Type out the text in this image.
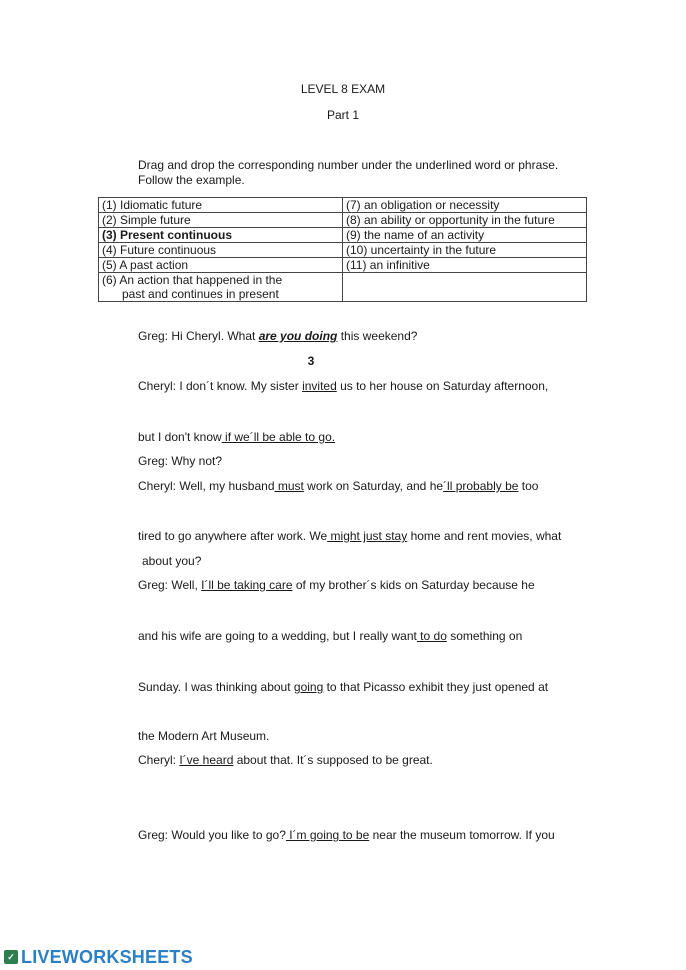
LEVEL 8 EXAM
Part 1
Drag and drop the corresponding number under the underlined word or phrase.
Follow the example.
(1) Idiomatic future	(7) an obligation or necessity
(2) Simple future	(8) an ability or opportunity in the future
(3) Present continuous	(9) the name of an activity
(4) Future continuous	(10) uncertainty in the future
(5) A past action	(11) an infinitive
(6) An action that happened in the
past and continues in present	

Greg: Hi Cheryl. What are you doing this weekend?
3
Cheryl: I don´t know. My sister invited us to her house on Saturday afternoon,
but I don't know if we´ll be able to go.
Greg: Why not?
Cheryl: Well, my husband must work on Saturday, and he´ll probably be too
tired to go anywhere after work. We might just stay home and rent movies, what
about you?
Greg: Well, I´ll be taking care of my brother´s kids on Saturday because he
and his wife are going to a wedding, but I really want to do something on
Sunday. I was thinking about going to that Picasso exhibit they just opened at
the Modern Art Museum.
Cheryl: I´ve heard about that. It´s supposed to be great.
Greg: Would you like to go? I´m going to be near the museum tomorrow. If you
✓ LIVEWORKSHEETS
